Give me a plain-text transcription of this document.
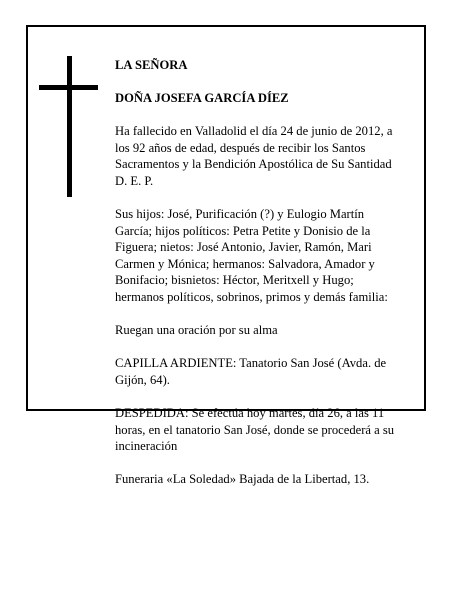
LA SEÑORA

DOÑA JOSEFA GARCÍA DÍEZ

Ha fallecido en Valladolid el día 24 de junio de 2012, a
los 92 años de edad, después de recibir los Santos
Sacramentos y la Bendición Apostólica de Su Santidad
D. E. P.

Sus hijos: José, Purificación (?) y Eulogio Martín
García; hijos políticos: Petra Petite y Donisio de la
Figuera; nietos: José Antonio, Javier, Ramón, Mari
Carmen y Mónica; hermanos: Salvadora, Amador y
Bonifacio; bisnietos: Héctor, Meritxell y Hugo;
hermanos políticos, sobrinos, primos y demás familia:

Ruegan una oración por su alma

CAPILLA ARDIENTE: Tanatorio San José (Avda. de
Gijón, 64).

DESPEDIDA: Se efectúa hoy martes, día 26, a las 11
horas, en el tanatorio San José, donde se procederá a su
incineración

Funeraria «La Soledad» Bajada de la Libertad, 13.
